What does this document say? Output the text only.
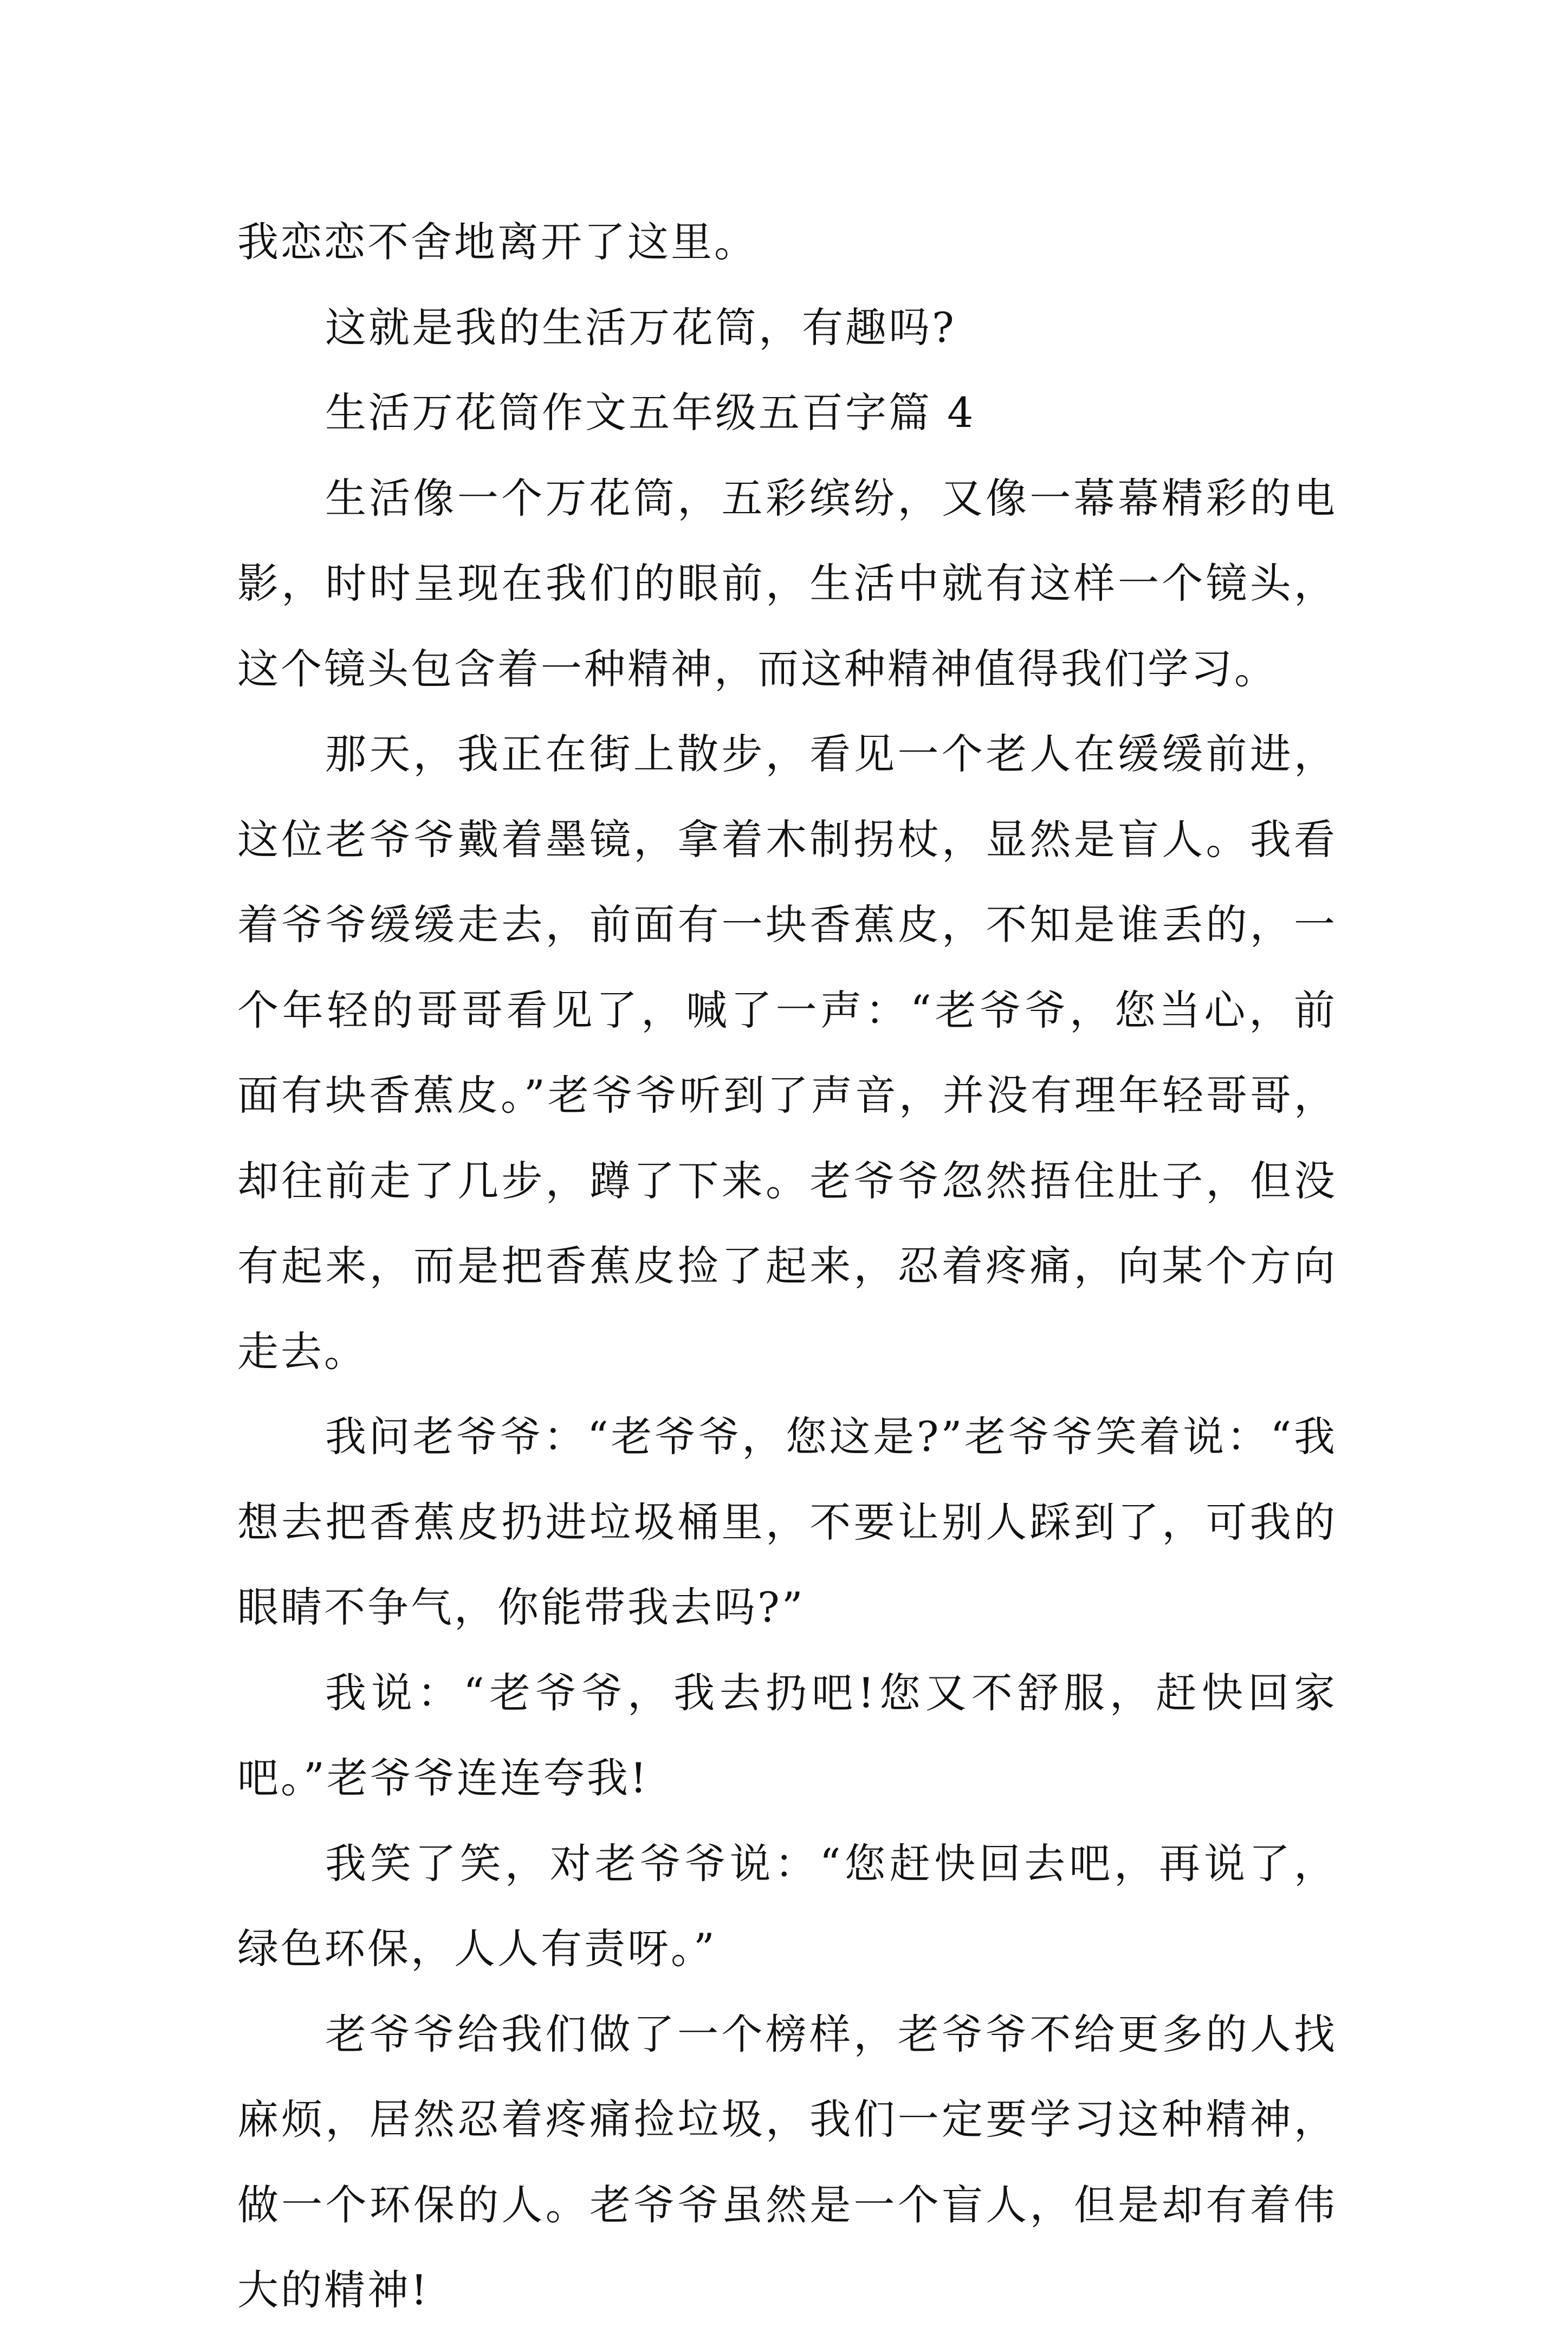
我恋恋不舍地离开了这里。

这就是我的生活万花筒，有趣吗?

生活万花筒作文五年级五百字篇 4

生活像一个万花筒，五彩缤纷，又像一幕幕精彩的电影，时时呈现在我们的眼前，生活中就有这样一个镜头，这个镜头包含着一种精神，而这种精神值得我们学习。

那天，我正在街上散步，看见一个老人在缓缓前进，这位老爷爷戴着墨镜，拿着木制拐杖，显然是盲人。我看着爷爷缓缓走去，前面有一块香蕉皮，不知是谁丢的，一个年轻的哥哥看见了，喊了一声：“老爷爷，您当心，前面有块香蕉皮。”老爷爷听到了声音，并没有理年轻哥哥，却往前走了几步，蹲了下来。老爷爷忽然捂住肚子，但没有起来，而是把香蕉皮捡了起来，忍着疼痛，向某个方向走去。

我问老爷爷：“老爷爷，您这是?”老爷爷笑着说：“我想去把香蕉皮扔进垃圾桶里，不要让别人踩到了，可我的眼睛不争气，你能带我去吗?”

我说：“老爷爷，我去扔吧!您又不舒服，赶快回家吧。”老爷爷连连夸我!

我笑了笑，对老爷爷说：“您赶快回去吧，再说了，绿色环保，人人有责呀。”

老爷爷给我们做了一个榜样，老爷爷不给更多的人找麻烦，居然忍着疼痛捡垃圾，我们一定要学习这种精神，做一个环保的人。老爷爷虽然是一个盲人，但是却有着伟大的精神!
